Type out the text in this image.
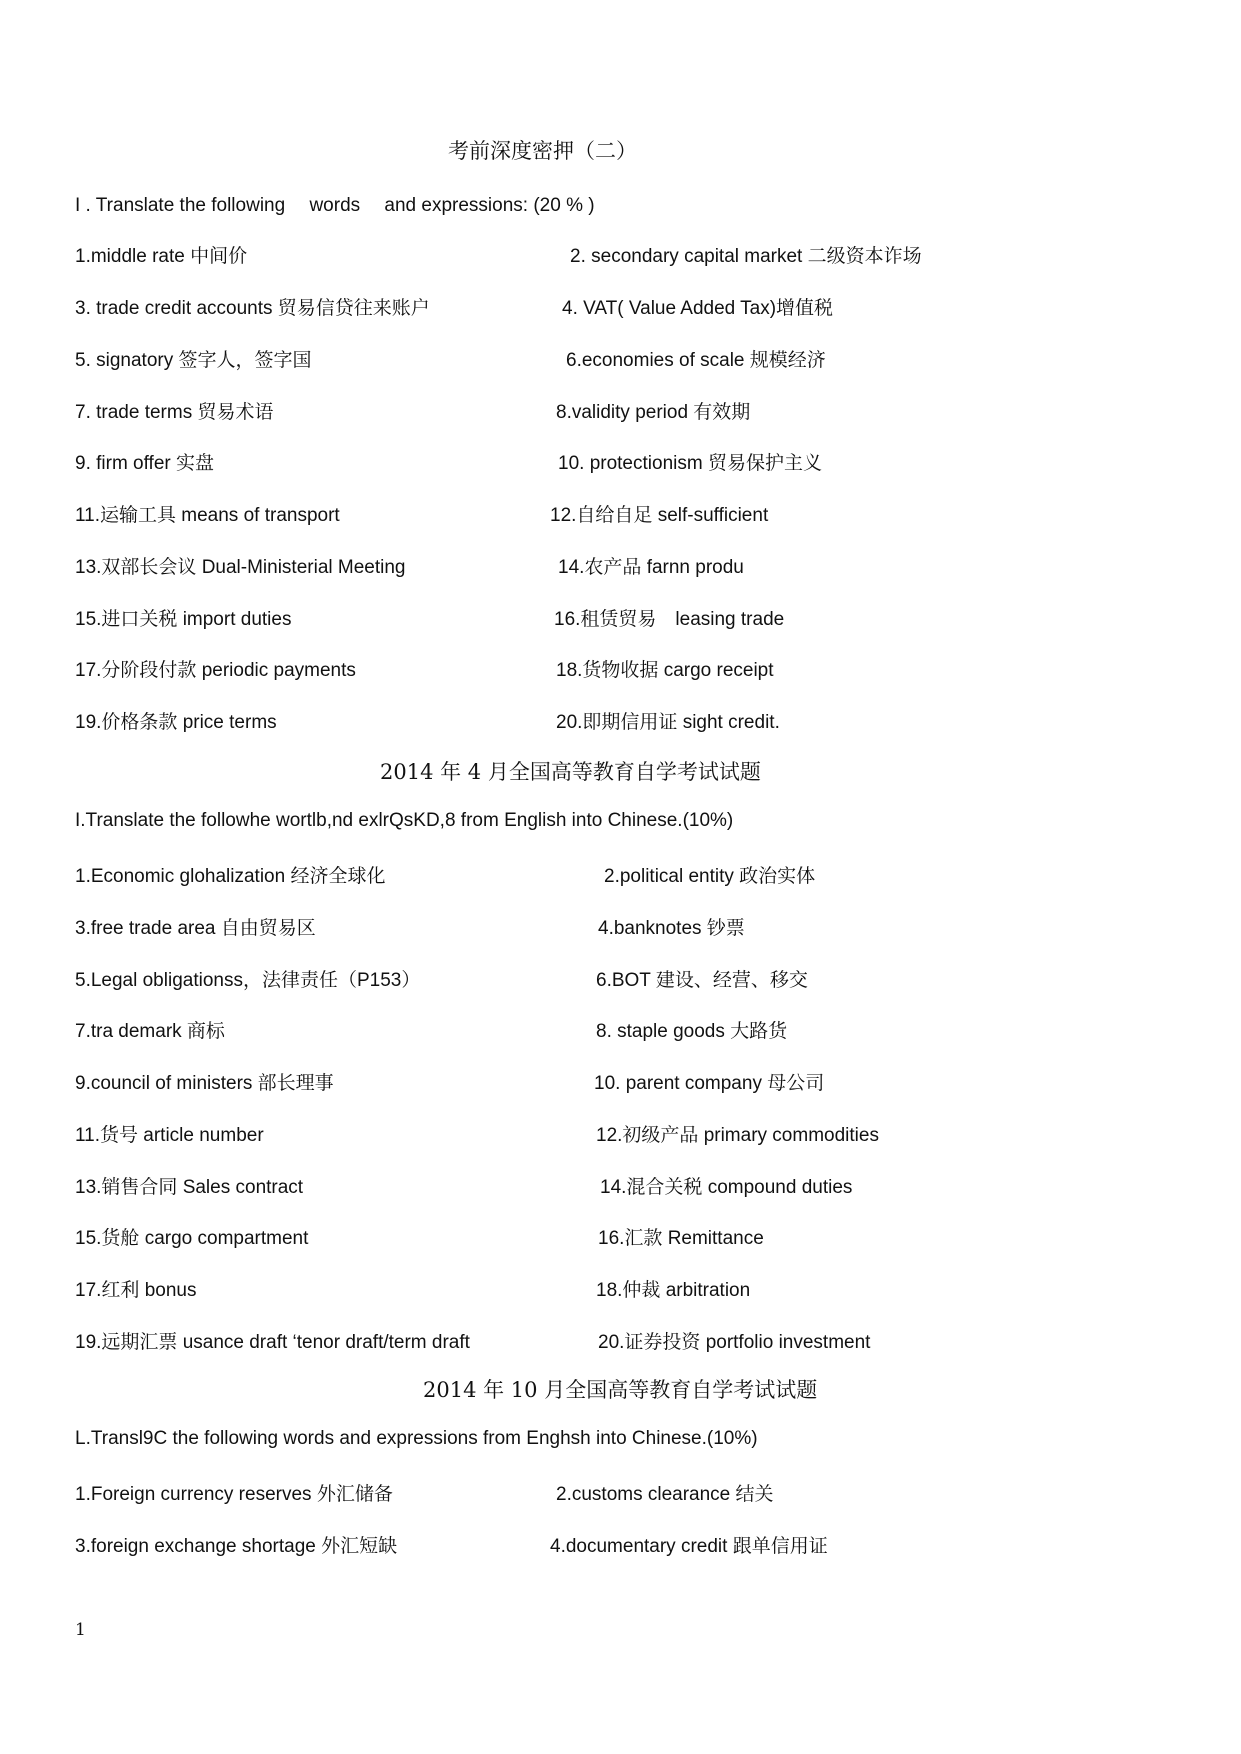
考前深度密押（二）
I . Translate the following　 words　 and expressions: (20 % )
1.middle rate 中间价	2. secondary capital market 二级资本诈场
3. trade credit accounts 贸易信贷往来账户	4. VAT( Value Added Tax)增值税
5. signatory 签字人，签字国	6.economies of scale 规模经济
7. trade terms 贸易术语	8.validity period 有效期
9. firm offer 实盘	10. protectionism 贸易保护主义
11.运输工具 means of transport	12.自给自足 self-sufficient
13.双部长会议 Dual-Ministerial Meeting	14.农产品 farnn produ
15.进口关税 import duties	16.租赁贸易　leasing trade
17.分阶段付款 periodic payments	18.货物收据 cargo receipt
19.价格条款 price terms	20.即期信用证 sight credit.
2014 年 4 月全国高等教育自学考试试题
I.Translate the followhe wortlb,nd exlrQsKD,8 from English into Chinese.(10%)
1.Economic glohalization 经济全球化	2.political entity 政治实体
3.free trade area 自由贸易区	4.banknotes 钞票
5.Legal obligationss，法律责任（P153）	6.BOT 建设、经营、移交
7.tra demark 商标	8. staple goods 大路货
9.council of ministers 部长理事	10. parent company 母公司
11.货号 article number	12.初级产品 primary commodities
13.销售合同 Sales contract	14.混合关税 compound duties
15.货舱 cargo compartment	16.汇款 Remittance
17.红利 bonus	18.仲裁 arbitration
19.远期汇票 usance draft ‘tenor draft/term draft	20.证券投资 portfolio investment
2014 年 10 月全国高等教育自学考试试题
L.Transl9C the following words and expressions from Enghsh into Chinese.(10%)
1.Foreign currency reserves 外汇储备	2.customs clearance 结关
3.foreign exchange shortage 外汇短缺	4.documentary credit 跟单信用证
1
